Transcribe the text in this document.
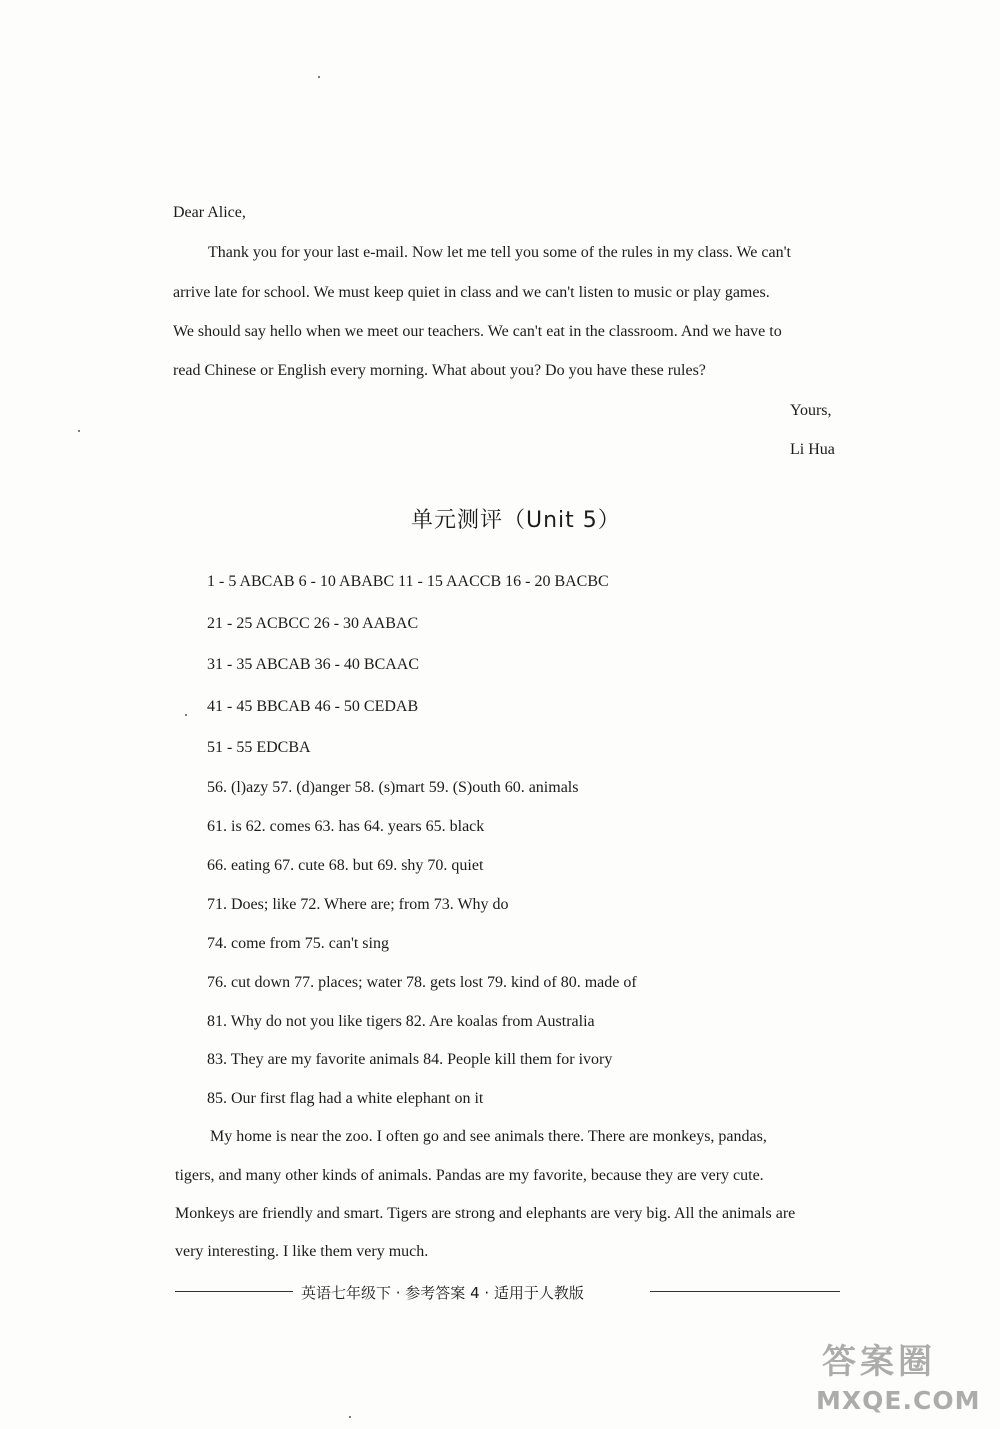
Dear Alice,
Thank you for your last e-mail. Now let me tell you some of the rules in my class. We can't
arrive late for school. We must keep quiet in class and we can't listen to music or play games.
We should say hello when we meet our teachers. We can't eat in the classroom. And we have to
read Chinese or English every morning. What about you? Do you have these rules?
Yours,
Li Hua
单元测评（Unit 5）
1 - 5 ABCAB 6 - 10 ABABC 11 - 15 AACCB 16 - 20 BACBC
21 - 25 ACBCC 26 - 30 AABAC
31 - 35 ABCAB 36 - 40 BCAAC
41 - 45 BBCAB 46 - 50 CEDAB
51 - 55 EDCBA
56. (l)azy 57. (d)anger 58. (s)mart 59. (S)outh 60. animals
61. is 62. comes 63. has 64. years 65. black
66. eating 67. cute 68. but 69. shy 70. quiet
71. Does; like 72. Where are; from 73. Why do
74. come from 75. can't sing
76. cut down 77. places; water 78. gets lost 79. kind of 80. made of
81. Why do not you like tigers 82. Are koalas from Australia
83. They are my favorite animals 84. People kill them for ivory
85. Our first flag had a white elephant on it
My home is near the zoo. I often go and see animals there. There are monkeys, pandas,
tigers, and many other kinds of animals. Pandas are my favorite, because they are very cute.
Monkeys are friendly and smart. Tigers are strong and elephants are very big. All the animals are
very interesting. I like them very much.
英语七年级下 · 参考答案 4 · 适用于人教版
答案圈
MXQE.COM
